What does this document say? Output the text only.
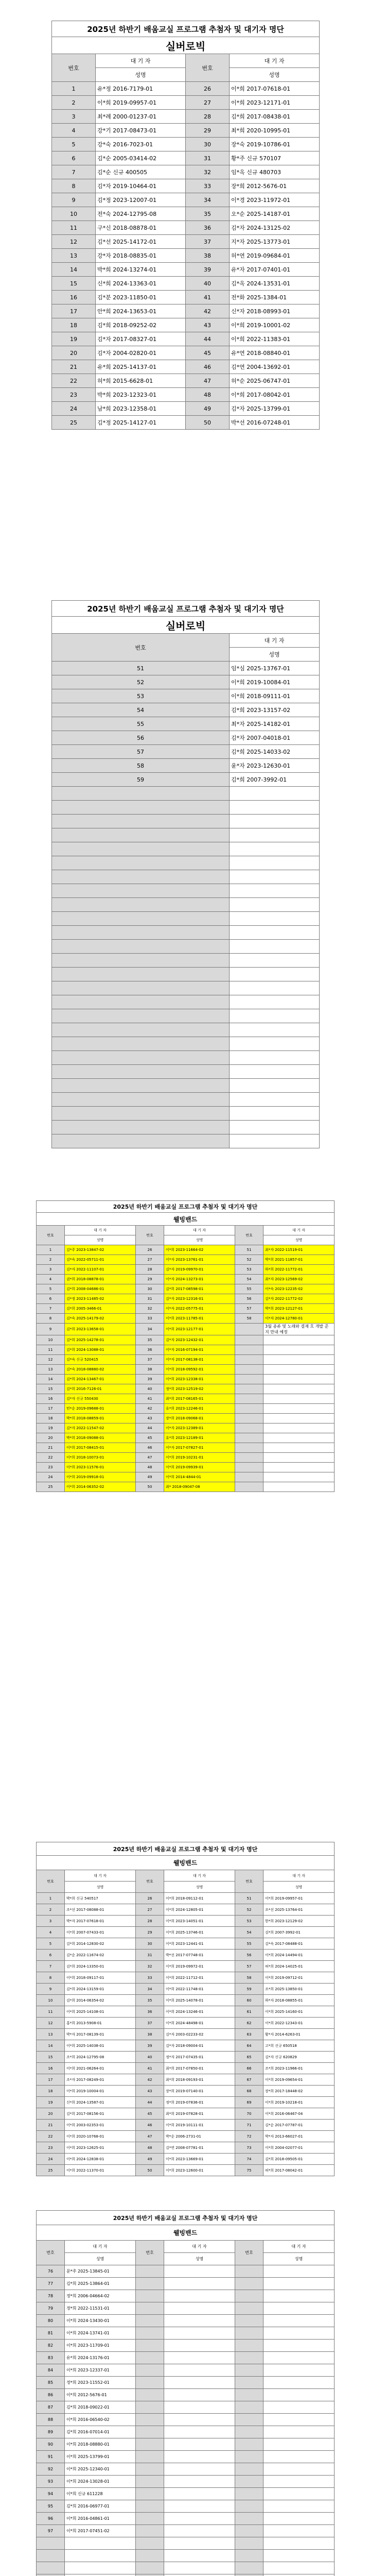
2025년 하반기 배움교실 프로그램 추첨자 및 대기자 명단			
실버로빅			
번호	대 기 자	번호	대 기 자
	성명		성명
1	유*정 2016-7179-01	26	이*희 2017-07618-01
2	이*희 2019-09957-01	27	이*희 2023-12171-01
3	최*례 2000-01237-01	28	김*희 2017-08438-01
4	강*기 2017-08473-01	29	최*희 2020-10995-01
5	강*숙 2016-7023-01	30	장*숙 2019-10786-01
6	김*순 2005-03414-02	31	황*주 신규 570107
7	김*순 신규 400505	32	임*옥 신규 480703
8	김*자 2019-10464-01	33	장*희 2012-5676-01
9	김*정 2023-12007-01	34	이*경 2023-11972-01
10	전*숙 2024-12795-08	35	오*순 2025-14187-01
11	구*신 2018-08878-01	36	김*자 2024-13125-02
12	김*선 2025-14172-01	37	지*자 2025-13773-01
13	강*자 2018-08835-01	38	허*연 2019-09684-01
14	박*희 2024-13274-01	39	유*자 2017-07401-01
15	신*희 2024-13363-01	40	김*옥 2024-13531-01
16	김*분 2023-11850-01	41	전*화 2025-1384-01
17	안*희 2024-13653-01	42	신*자 2018-08993-01
18	김*희 2018-09252-02	43	이*희 2019-10001-02
19	김*자 2017-08327-01	44	이*희 2022-11383-01
20	김*자 2004-02820-01	45	유*연 2018-08840-01
21	유*희 2025-14137-01	46	김*연 2004-13692-01
22	허*희 2015-6628-01	47	허*순 2025-06747-01
23	박*희 2023-12323-01	48	이*희 2017-08042-01
24	남*희 2023-12358-01	49	김*자 2025-13799-01
25	김*정 2025-14127-01	50	박*선 2016-07248-01
2025년 하반기 배움교실 프로그램 추첨자 및 대기자 명단	
실버로빅	
번호	대 기 자
	성명
51	임*심 2025-13767-01
52	이*희 2019-10084-01
53	이*희 2018-09111-01
54	김*희 2023-13157-02
55	최*자 2025-14182-01
56	김*자 2007-04018-01
57	김*희 2025-14033-02
58	윤*자 2023-12630-01
59	김*희 2007-3992-01

2025년 하반기 배움교실 프로그램 추첨자 및 대기자 명단					
웰빙밴드					
번호	대 기 자	번호	대 기 자	번호	대 기 자
	성명		성명		성명
1	김*주 2023-13847-02	26	이*희 2023-11664-02	51	최*자 2022-11519-01
2	김*숙 2022-05711-01	27	이*자 2023-13761-01	52	박*희 2021-11857-01
3	김*자 2022-11107-01	28	김*자 2019-09970-01	53	하*희 2022-11772-01
4	권*희 2018-08878-01	29	이*자 2024-13273-01	54	최*자 2023-12569-02
5	김*희 2008-04686-01	30	김*희 2017-08598-01	55	이*숙 2023-12235-02
6	김*정 2023-11485-02	31	김*자 2023-12316-01	56	김*자 2022-11772-02
7	김*희 2005-3466-01	32	이*자 2022-05775-01	57	박*희 2023-12127-01
8	김*숙 2025-14179-02	33	이*희 2023-11785-01	58	이*자 2024-12780-01
9	김*희 2023-13658-01	34	이*희 2023-12177-01		3월 종류 및 노래와 결재 흐 개발 준지 만내 예정
10	김*희 2025-14278-01	35	김*자 2023-12432-01		
11	김*희 2024-13088-01	36	이*자 2016-07194-01		
12	김*숙 신규 520415	37	이*자 2017-08138-01		
13	김*숙 2018-08880-02	38	이*희 2018-09592-01		
14	김*희 2024-13467-01	39	이*희 2023-12338-01		
15	김*희 2016-7126-01	40	정*희 2023-12519-02		
16	김*자 신규 550430	41	최*희 2017-08165-01		
17	민*순 2019-09688-01	42	유*희 2023-12246-01		
18	박*희 2018-08859-01	43	장*희 2018-09068-01		
19	김*자 2022-11547-02	44	이*자 2023-12389-01		
20	박*희 2018-09088-01	45	유*희 2023-12189-01		
21	이*희 2017-08415-01	46	이*자 2017-07827-01		
22	이*희 2018-10073-01	47	이*희 2019-10231-01		
23	이*희 2023-11576-01	48	이*희 2019-09939-01		
24	이*희 2019-09918-01	49	이*희 2014-4844-01		
25	이*희 2014-06352-02	50	최* 2018-09047-08		
2025년 하반기 배움교실 프로그램 추첨자 및 대기자 명단					
웰빙밴드					
번호	대 기 자	번호	대 기 자	번호	대 기 자
	성명		성명		성명
1	박*희 신규 540517	26	이*희 2018-09112-01	51	이*희 2019-09957-01
2	조*선 2017-08088-01	27	이*희 2024-12805-01	52	조*선 2025-13764-01
3	박*자 2017-07618-01	28	이*희 2023-14051-01	53	한*희 2023-12129-02
4	이*희 2007-07433-01	29	이*희 2025-13746-01	54	김*희 2007-3992-01
5	김*희 2014-12830-02	30	이*희 2023-12441-01	55	김*숙 2017-08488-01
6	김*순 2022-11674-02	31	박*선 2017-07748-01	56	이*희 2024-14494-01
7	김*희 2024-13350-01	32	이*희 2019-09972-01	57	허*희 2024-14025-01
8	이*희 2018-09117-01	33	이*희 2022-11712-01	58	이*희 2019-09712-01
9	김*희 2024-13159-01	34	이*희 2022-11748-01	59	조*희 2025-13850-01
10	김*희 2014-06354-02	35	이*희 2025-14078-01	60	하*자 2018-08855-01
11	이*희 2025-14108-01	36	이*희 2024-13246-01	61	이*희 2025-14160-01
12	홍*희 2013-5908-01	37	이*희 2024-48498-01	62	이*희 2022-12343-01
13	박*자 2017-08139-01	38	김*자 2003-02233-02	63	황*자 2014-6263-01
14	이*희 2025-14038-01	39	김*자 2018-09004-01	64	고*희 신규 650518
15	조*희 2024-12795-08	40	정*자 2017-07435-01	65	김*자 신규 620829
16	이*희 2021-06264-01	41	최*희 2017-07850-01	66	조*희 2023-11966-01
17	조*자 2017-08249-01	42	최*희 2018-09193-01	67	이*희 2019-09654-01
18	이*희 2019-10004-01	43	장*희 2019-07140-01	68	장*희 2017-18448-02
19	신*희 2024-13587-01	44	정*희 2019-07836-01	69	이*희 2019-10218-01
20	김*희 2017-08156-01	45	최*희 2019-07828-01	70	이*희 2016-06467-04
21	이*희 2003-02353-01	46	이*희 2019-10111-01	71	김*순 2017-07787-01
22	이*희 2020-10768-01	47	박*순 2006-2731-01	72	박*자 2013-66027-01
23	이*희 2023-12625-01	48	김*연 2008-07781-01	73	이*희 2004-02077-01
24	이*희 2024-12838-01	49	이*희 2023-13669-01	74	김*희 2018-09505-01
25	이*희 2022-11370-01	50	이*희 2023-12600-01	75	허*희 2017-08042-01
2025년 하반기 배움교실 프로그램 추첨자 및 대기자 명단					
웰빙밴드					
번호	대 기 자	번호	대 기 자	번호	대 기 자
	성명		성명		성명
76	문*주 2025-13845-01				
77	김*희 2025-13864-01				
78	정*희 2006-04664-02				
79	정*희 2022-11531-01				
80	이*희 2024-13430-01				
81	이*희 2024-13741-01				
82	이*희 2023-11709-01				
83	유*희 2024-13176-01				
84	이*희 2023-12337-01				
85	정*희 2023-11552-01				
86	이*희 2012-5676-01				
87	김*희 2018-09022-01				
88	이*희 2016-06540-02				
89	김*희 2016-07014-01				
90	이*희 2018-08880-01				
91	이*희 2025-13799-01				
92	이*희 2025-12340-01				
93	이*희 2024-13028-01				
94	이*희 신규 611228				
95	김*희 2016-06977-01				
96	이*희 2016-04861-01				
97	이*희 2017-07451-02				
